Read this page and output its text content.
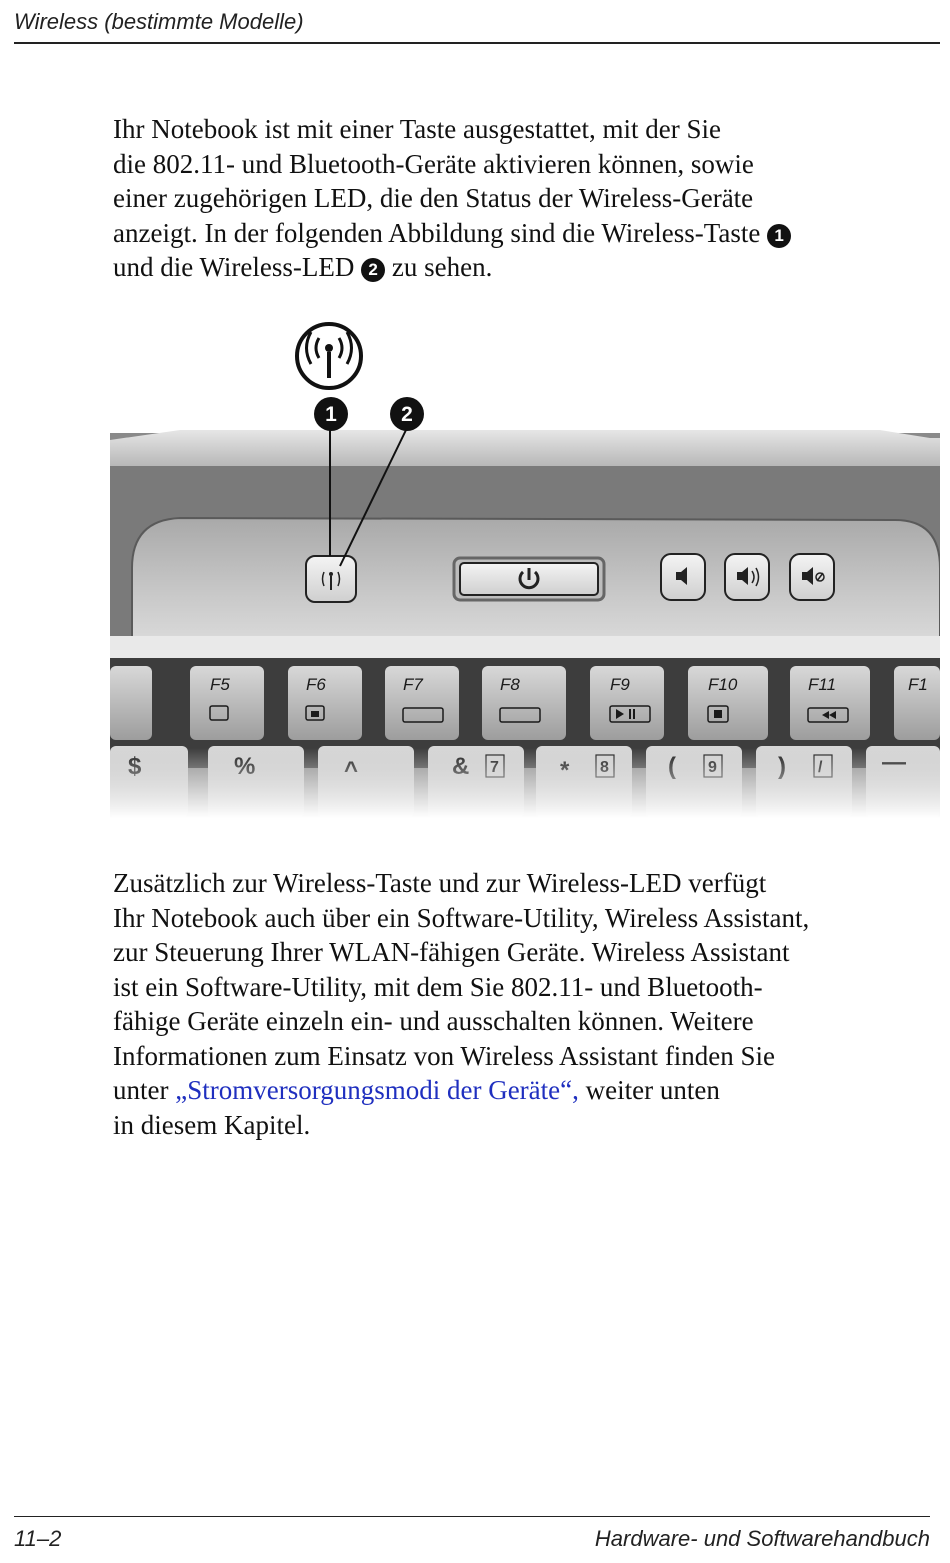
Wireless (bestimmte Modelle)

Ihr Notebook ist mit einer Taste ausgestattet, mit der Sie
die 802.11- und Bluetooth-Geräte aktivieren können, sowie
einer zugehörigen LED, die den Status der Wireless-Geräte
anzeigt. In der folgenden Abbildung sind die Wireless-Taste 1
und die Wireless-LED 2 zu sehen.

1	2
F5	F6	F7	F8	F9	F10	F11	F1

Zusätzlich zur Wireless-Taste und zur Wireless-LED verfügt
Ihr Notebook auch über ein Software-Utility, Wireless Assistant,
zur Steuerung Ihrer WLAN-fähigen Geräte. Wireless Assistant
ist ein Software-Utility, mit dem Sie 802.11- und Bluetooth-
fähige Geräte einzeln ein- und ausschalten können. Weitere
Informationen zum Einsatz von Wireless Assistant finden Sie
unter „Stromversorgungsmodi der Geräte“, weiter unten
in diesem Kapitel.

11–2	Hardware- und Softwarehandbuch
